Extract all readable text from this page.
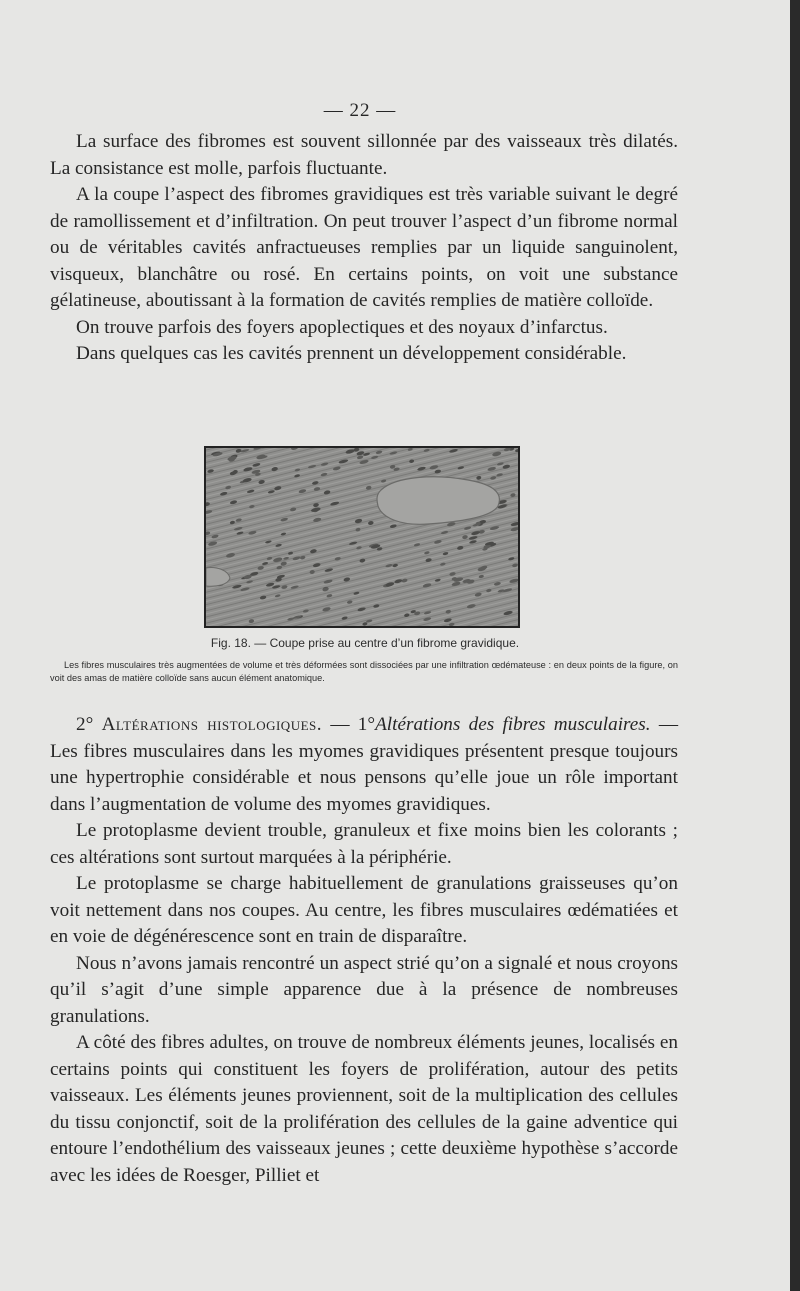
— 22 —

La surface des fibromes est souvent sillonnée par des vaisseaux très dilatés. La consistance est molle, parfois fluctuante.

A la coupe l’aspect des fibromes gravidiques est très variable suivant le degré de ramollissement et d’infiltration. On peut trouver l’aspect d’un fibrome normal ou de véritables cavités anfractueuses remplies par un liquide sanguinolent, visqueux, blanchâtre ou rosé. En certains points, on voit une substance gélatineuse, aboutissant à la formation de cavités remplies de matière colloïde.

On trouve parfois des foyers apoplectiques et des noyaux d’infarctus.

Dans quelques cas les cavités prennent un développement considérable.

Fig. 18. — Coupe prise au centre d’un fibrome gravidique.
Les fibres musculaires très augmentées de volume et très déformées sont dissociées par une infiltration œdémateuse : en deux points de la figure, on voit des amas de matière colloïde sans aucun élément anatomique.

2° Altérations histologiques. — 1°Altérations des fibres musculaires. — Les fibres musculaires dans les myomes gravidiques présentent presque toujours une hypertrophie considérable et nous pensons qu’elle joue un rôle important dans l’augmentation de volume des myomes gravidiques.

Le protoplasme devient trouble, granuleux et fixe moins bien les colorants ; ces altérations sont surtout marquées à la périphérie.

Le protoplasme se charge habituellement de granulations graisseuses qu’on voit nettement dans nos coupes. Au centre, les fibres musculaires œdématiées et en voie de dégénérescence sont en train de disparaître.

Nous n’avons jamais rencontré un aspect strié qu’on a signalé et nous croyons qu’il s’agit d’une simple apparence due à la présence de nombreuses granulations.

A côté des fibres adultes, on trouve de nombreux éléments jeunes, localisés en certains points qui constituent les foyers de prolifération, autour des petits vaisseaux. Les éléments jeunes proviennent, soit de la multiplication des cellules du tissu conjonctif, soit de la prolifération des cellules de la gaine adventice qui entoure l’endothélium des vaisseaux jeunes ; cette deuxième hypothèse s’accorde avec les idées de Roesger, Pilliet et
